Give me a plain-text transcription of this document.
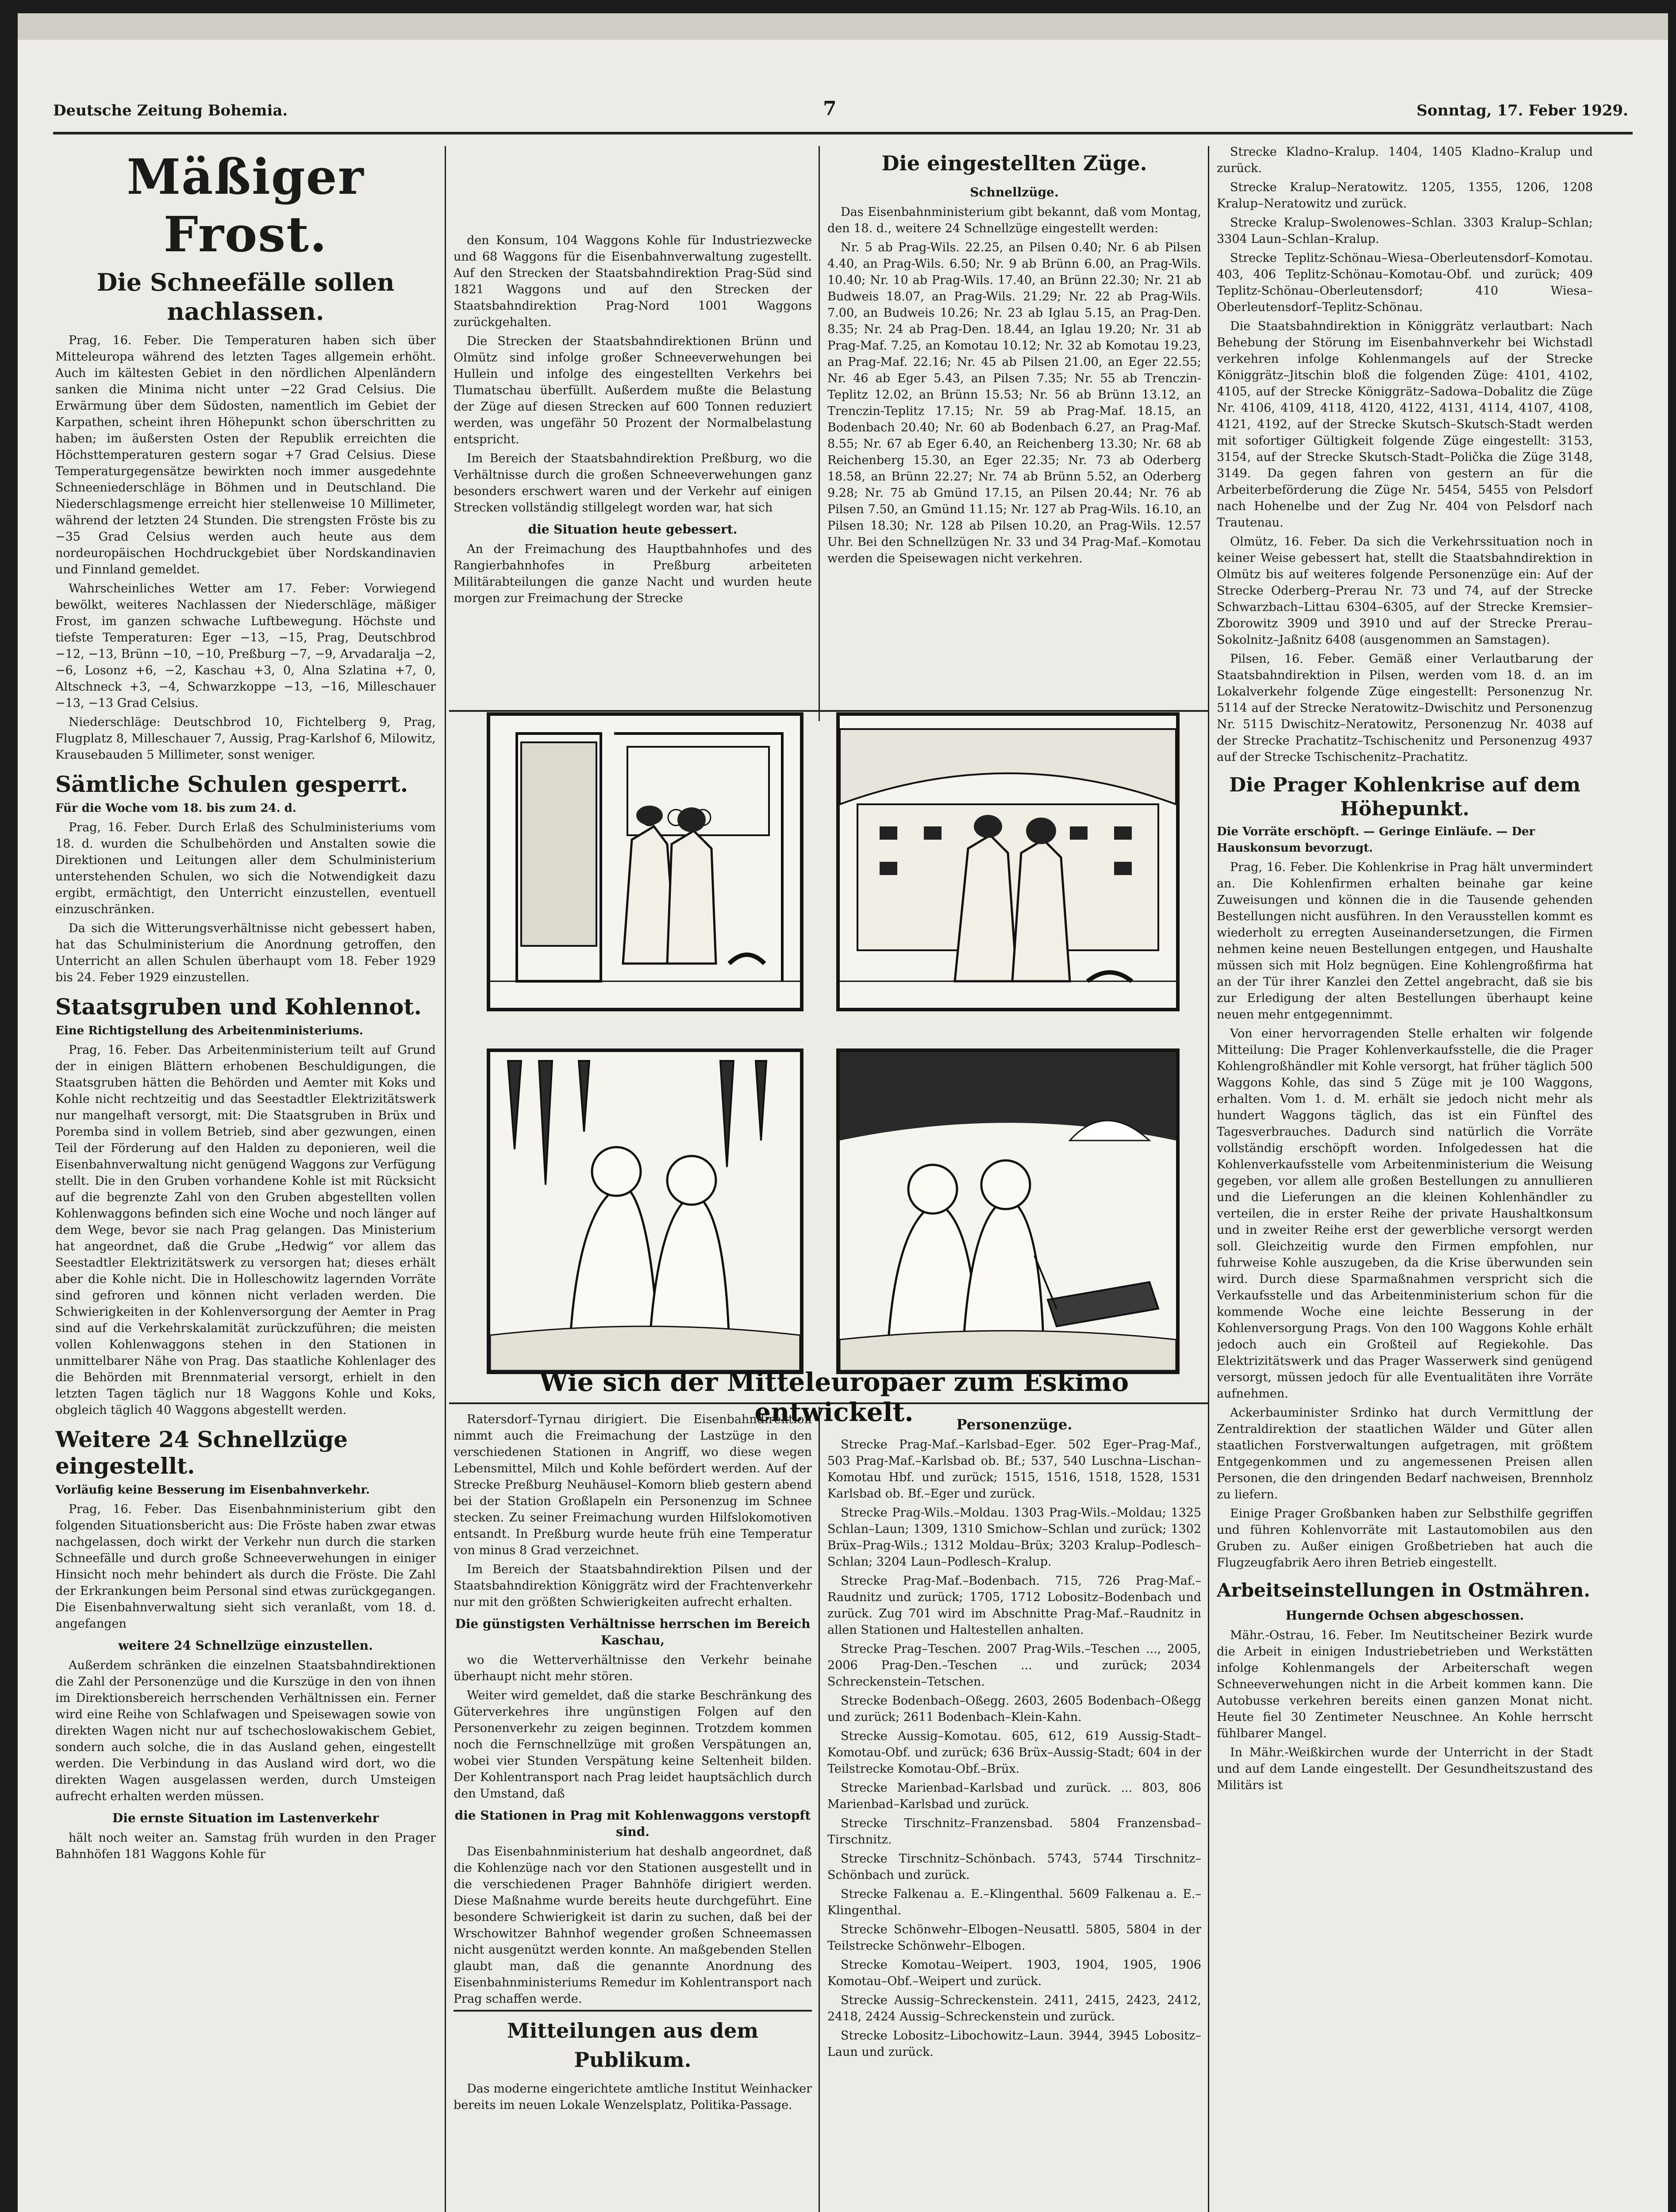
Deutsche Zeitung Bohemia.	7	Sonntag, 17. Feber 1929.
Mäßiger Frost.
Die Schneefälle sollen nachlassen.

Prag, 16. Feber. Die Temperaturen haben sich über Mitteleuropa während des letzten Tages allgemein erhöht. Auch im kältesten Gebiet in den nördlichen Alpenländern sanken die Minima nicht unter −22 Grad Celsius. Die Erwärmung über dem Südosten, namentlich im Gebiet der Karpathen, scheint ihren Höhepunkt schon überschritten zu haben; im äußersten Osten der Republik erreichten die Höchsttemperaturen gestern sogar +7 Grad Celsius. Diese Temperaturgegensätze bewirkten noch immer ausgedehnte Schneeniederschläge in Böhmen und in Deutschland. Die Niederschlagsmenge erreicht hier stellenweise 10 Millimeter, während der letzten 24 Stunden. Die strengsten Fröste bis zu −35 Grad Celsius werden auch heute aus dem nordeuropäischen Hochdruckgebiet über Nordskandinavien und Finnland gemeldet.

Wahrscheinliches Wetter am 17. Feber: Vorwiegend bewölkt, weiteres Nachlassen der Niederschläge, mäßiger Frost, im ganzen schwache Luftbewegung. Höchste und tiefste Temperaturen: Eger −13, −15, Prag, Deutschbrod −12, −13, Brünn −10, −10, Preßburg −7, −9, Arvadaralja −2, −6, Losonz +6, −2, Kaschau +3, 0, Alna Szlatina +7, 0, Altschneck +3, −4, Schwarzkoppe −13, −16, Milleschauer −13, −13 Grad Celsius.

Niederschläge: Deutschbrod 10, Fichtelberg 9, Prag, Flugplatz 8, Milleschauer 7, Aussig, Prag-Karlshof 6, Milowitz, Krausebauden 5 Millimeter, sonst weniger.

Sämtliche Schulen gesperrt.
Für die Woche vom 18. bis zum 24. d.

Prag, 16. Feber. Durch Erlaß des Schulministeriums vom 18. d. wurden die Schulbehörden und Anstalten sowie die Direktionen und Leitungen aller dem Schulministerium unterstehenden Schulen, wo sich die Notwendigkeit dazu ergibt, ermächtigt, den Unterricht einzustellen, eventuell einzuschränken.

Da sich die Witterungsverhältnisse nicht gebessert haben, hat das Schulministerium die Anordnung getroffen, den Unterricht an allen Schulen überhaupt vom 18. Feber 1929 bis 24. Feber 1929 einzustellen.

Staatsgruben und Kohlennot.
Eine Richtigstellung des Arbeitenministeriums.

Prag, 16. Feber. Das Arbeitenministerium teilt auf Grund der in einigen Blättern erhobenen Beschuldigungen, die Staatsgruben hätten die Behörden und Aemter mit Koks und Kohle nicht rechtzeitig und das Seestadtler Elektrizitätswerk nur mangelhaft versorgt, mit: Die Staatsgruben in Brüx und Poremba sind in vollem Betrieb, sind aber gezwungen, einen Teil der Förderung auf den Halden zu deponieren, weil die Eisenbahnverwaltung nicht genügend Waggons zur Verfügung stellt. Die in den Gruben vorhandene Kohle ist mit Rücksicht auf die begrenzte Zahl von den Gruben abgestellten vollen Kohlenwaggons befinden sich eine Woche und noch länger auf dem Wege, bevor sie nach Prag gelangen. Das Ministerium hat angeordnet, daß die Grube „Hedwig“ vor allem das Seestadtler Elektrizitätswerk zu versorgen hat; dieses erhält aber die Kohle nicht. Die in Holleschowitz lagernden Vorräte sind gefroren und können nicht verladen werden. Die Schwierigkeiten in der Kohlenversorgung der Aemter in Prag sind auf die Verkehrskalamität zurückzuführen; die meisten vollen Kohlenwaggons stehen in den Stationen in unmittelbarer Nähe von Prag. Das staatliche Kohlenlager des die Behörden mit Brennmaterial versorgt, erhielt in den letzten Tagen täglich nur 18 Waggons Kohle und Koks, obgleich täglich 40 Waggons abgestellt werden.

Weitere 24 Schnellzüge eingestellt.
Vorläufig keine Besserung im Eisenbahnverkehr.

Prag, 16. Feber. Das Eisenbahnministerium gibt den folgenden Situationsbericht aus: Die Fröste haben zwar etwas nachgelassen, doch wirkt der Verkehr nun durch die starken Schneefälle und durch große Schneeverwehungen in einiger Hinsicht noch mehr behindert als durch die Fröste. Die Zahl der Erkrankungen beim Personal sind etwas zurückgegangen. Die Eisenbahnverwaltung sieht sich veranlaßt, vom 18. d. angefangen

weitere 24 Schnellzüge einzustellen.

Außerdem schränken die einzelnen Staatsbahndirektionen die Zahl der Personenzüge und die Kurszüge in den von ihnen im Direktionsbereich herrschenden Verhältnissen ein. Ferner wird eine Reihe von Schlafwagen und Speisewagen sowie von direkten Wagen nicht nur auf tschechoslowakischem Gebiet, sondern auch solche, die in das Ausland gehen, eingestellt werden. Die Verbindung in das Ausland wird dort, wo die direkten Wagen ausgelassen werden, durch Umsteigen aufrecht erhalten werden müssen.

Die ernste Situation im Lastenverkehr

hält noch weiter an. Samstag früh wurden in den Prager Bahnhöfen 181 Waggons Kohle für

den Konsum, 104 Waggons Kohle für Industriezwecke und 68 Waggons für die Eisenbahnverwaltung zugestellt. Auf den Strecken der Staatsbahndirektion Prag-Süd sind 1821 Waggons und auf den Strecken der Staatsbahndirektion Prag-Nord 1001 Waggons zurückgehalten.

Die Strecken der Staatsbahndirektionen Brünn und Olmütz sind infolge großer Schneeverwehungen bei Hullein und infolge des eingestellten Verkehrs bei Tlumatschau überfüllt. Außerdem mußte die Belastung der Züge auf diesen Strecken auf 600 Tonnen reduziert werden, was ungefähr 50 Prozent der Normalbelastung entspricht.

Im Bereich der Staatsbahndirektion Preßburg, wo die Verhältnisse durch die großen Schneeverwehungen ganz besonders erschwert waren und der Verkehr auf einigen Strecken vollständig stillgelegt worden war, hat sich

die Situation heute gebessert.

An der Freimachung des Hauptbahnhofes und des Rangierbahnhofes in Preßburg arbeiteten Militärabteilungen die ganze Nacht und wurden heute morgen zur Freimachung der Strecke

Die eingestellten Züge.
Schnellzüge.

Das Eisenbahnministerium gibt bekannt, daß vom Montag, den 18. d., weitere 24 Schnellzüge eingestellt werden:

Nr. 5 ab Prag-Wils. 22.25, an Pilsen 0.40; Nr. 6 ab Pilsen 4.40, an Prag-Wils. 6.50; Nr. 9 ab Brünn 6.00, an Prag-Wils. 10.40; Nr. 10 ab Prag-Wils. 17.40, an Brünn 22.30; Nr. 21 ab Budweis 18.07, an Prag-Wils. 21.29; Nr. 22 ab Prag-Wils. 7.00, an Budweis 10.26; Nr. 23 ab Iglau 5.15, an Prag-Den. 8.35; Nr. 24 ab Prag-Den. 18.44, an Iglau 19.20; Nr. 31 ab Prag-Maf. 7.25, an Komotau 10.12; Nr. 32 ab Komotau 19.23, an Prag-Maf. 22.16; Nr. 45 ab Pilsen 21.00, an Eger 22.55; Nr. 46 ab Eger 5.43, an Pilsen 7.35; Nr. 55 ab Trenczin-Teplitz 12.02, an Brünn 15.53; Nr. 56 ab Brünn 13.12, an Trenczin-Teplitz 17.15; Nr. 59 ab Prag-Maf. 18.15, an Bodenbach 20.40; Nr. 60 ab Bodenbach 6.27, an Prag-Maf. 8.55; Nr. 67 ab Eger 6.40, an Reichenberg 13.30; Nr. 68 ab Reichenberg 15.30, an Eger 22.35; Nr. 73 ab Oderberg 18.58, an Brünn 22.27; Nr. 74 ab Brünn 5.52, an Oderberg 9.28; Nr. 75 ab Gmünd 17.15, an Pilsen 20.44; Nr. 76 ab Pilsen 7.50, an Gmünd 11.15; Nr. 127 ab Prag-Wils. 16.10, an Pilsen 18.30; Nr. 128 ab Pilsen 10.20, an Prag-Wils. 12.57 Uhr. Bei den Schnellzügen Nr. 33 und 34 Prag-Maf.–Komotau werden die Speisewagen nicht verkehren.

Strecke Kladno–Kralup. 1404, 1405 Kladno–Kralup und zurück.

Strecke Kralup–Neratowitz. 1205, 1355, 1206, 1208 Kralup–Neratowitz und zurück.

Strecke Kralup–Swolenowes–Schlan. 3303 Kralup–Schlan; 3304 Laun–Schlan–Kralup.

Strecke Teplitz-Schönau–Wiesa–Oberleutensdorf–Komotau. 403, 406 Teplitz-Schönau–Komotau-Obf. und zurück; 409 Teplitz-Schönau–Oberleutensdorf; 410 Wiesa–Oberleutensdorf–Teplitz-Schönau.

Die Staatsbahndirektion in Königgrätz verlautbart: Nach Behebung der Störung im Eisenbahnverkehr bei Wichstadl verkehren infolge Kohlenmangels auf der Strecke Königgrätz–Jitschin bloß die folgenden Züge: 4101, 4102, 4105, auf der Strecke Königgrätz–Sadowa–Dobalitz die Züge Nr. 4106, 4109, 4118, 4120, 4122, 4131, 4114, 4107, 4108, 4121, 4192, auf der Strecke Skutsch–Skutsch-Stadt werden mit sofortiger Gültigkeit folgende Züge eingestellt: 3153, 3154, auf der Strecke Skutsch-Stadt–Polička die Züge 3148, 3149. Da gegen fahren von gestern an für die Arbeiterbeförderung die Züge Nr. 5454, 5455 von Pelsdorf nach Hohenelbe und der Zug Nr. 404 von Pelsdorf nach Trautenau.

Olmütz, 16. Feber. Da sich die Verkehrssituation noch in keiner Weise gebessert hat, stellt die Staatsbahndirektion in Olmütz bis auf weiteres folgende Personenzüge ein: Auf der Strecke Oderberg–Prerau Nr. 73 und 74, auf der Strecke Schwarzbach–Littau 6304–6305, auf der Strecke Kremsier–Zborowitz 3909 und 3910 und auf der Strecke Prerau–Sokolnitz–Jaßnitz 6408 (ausgenommen an Samstagen).

Pilsen, 16. Feber. Gemäß einer Verlautbarung der Staatsbahndirektion in Pilsen, werden vom 18. d. an im Lokalverkehr folgende Züge eingestellt: Personenzug Nr. 5114 auf der Strecke Neratowitz–Dwischitz und Personenzug Nr. 5115 Dwischitz–Neratowitz, Personenzug Nr. 4038 auf der Strecke Prachatitz–Tschischenitz und Personenzug 4937 auf der Strecke Tschischenitz–Prachatitz.

Die Prager Kohlenkrise auf dem Höhepunkt.
Die Vorräte erschöpft. — Geringe Einläufe. — Der Hauskonsum bevorzugt.

Prag, 16. Feber. Die Kohlenkrise in Prag hält unvermindert an. Die Kohlenfirmen erhalten beinahe gar keine Zuweisungen und können die in die Tausende gehenden Bestellungen nicht ausführen. In den Verausstellen kommt es wiederholt zu erregten Auseinandersetzungen, die Firmen nehmen keine neuen Bestellungen entgegen, und Haushalte müssen sich mit Holz begnügen. Eine Kohlengroßfirma hat an der Tür ihrer Kanzlei den Zettel angebracht, daß sie bis zur Erledigung der alten Bestellungen überhaupt keine neuen mehr entgegennimmt.

Von einer hervorragenden Stelle erhalten wir folgende Mitteilung: Die Prager Kohlenverkaufsstelle, die die Prager Kohlengroßhändler mit Kohle versorgt, hat früher täglich 500 Waggons Kohle, das sind 5 Züge mit je 100 Waggons, erhalten. Vom 1. d. M. erhält sie jedoch nicht mehr als hundert Waggons täglich, das ist ein Fünftel des Tagesverbrauches. Dadurch sind natürlich die Vorräte vollständig erschöpft worden. Infolgedessen hat die Kohlenverkaufsstelle vom Arbeitenministerium die Weisung gegeben, vor allem alle großen Bestellungen zu annullieren und die Lieferungen an die kleinen Kohlenhändler zu verteilen, die in erster Reihe der private Haushaltkonsum und in zweiter Reihe erst der gewerbliche versorgt werden soll. Gleichzeitig wurde den Firmen empfohlen, nur fuhrweise Kohle auszugeben, da die Krise überwunden sein wird. Durch diese Sparmaßnahmen verspricht sich die Verkaufsstelle und das Arbeitenministerium schon für die kommende Woche eine leichte Besserung in der Kohlenversorgung Prags. Von den 100 Waggons Kohle erhält jedoch auch ein Großteil auf Regiekohle. Das Elektrizitätswerk und das Prager Wasserwerk sind genügend versorgt, müssen jedoch für alle Eventualitäten ihre Vorräte aufnehmen.

Ackerbauminister Srdinko hat durch Vermittlung der Zentraldirektion der staatlichen Wälder und Güter allen staatlichen Forstverwaltungen aufgetragen, mit größtem Entgegenkommen und zu angemessenen Preisen allen Personen, die den dringenden Bedarf nachweisen, Brennholz zu liefern.

Einige Prager Großbanken haben zur Selbsthilfe gegriffen und führen Kohlenvorräte mit Lastautomobilen aus den Gruben zu. Außer einigen Großbetrieben hat auch die Flugzeugfabrik Aero ihren Betrieb eingestellt.

Arbeitseinstellungen in Ostmähren.
Hungernde Ochsen abgeschossen.

Mähr.-Ostrau, 16. Feber. Im Neutitscheiner Bezirk wurde die Arbeit in einigen Industriebetrieben und Werkstätten infolge Kohlenmangels der Arbeiterschaft wegen Schneeverwehungen nicht in die Arbeit kommen kann. Die Autobusse verkehren bereits einen ganzen Monat nicht. Heute fiel 30 Zentimeter Neuschnee. An Kohle herrscht fühlbarer Mangel.

In Mähr.-Weißkirchen wurde der Unterricht in der Stadt und auf dem Lande eingestellt. Der Gesundheitszustand des Militärs ist

Wie sich der Mitteleuropäer zum Eskimo entwickelt.

Ratersdorf–Tyrnau dirigiert. Die Eisenbahndirektion nimmt auch die Freimachung der Lastzüge in den verschiedenen Stationen in Angriff, wo diese wegen Lebensmittel, Milch und Kohle befördert werden. Auf der Strecke Preßburg Neuhäusel–Komorn blieb gestern abend bei der Station Großlapeln ein Personenzug im Schnee stecken. Zu seiner Freimachung wurden Hilfslokomotiven entsandt. In Preßburg wurde heute früh eine Temperatur von minus 8 Grad verzeichnet.

Im Bereich der Staatsbahndirektion Pilsen und der Staatsbahndirektion Königgrätz wird der Frachtenverkehr nur mit den größten Schwierigkeiten aufrecht erhalten.

Die günstigsten Verhältnisse herrschen im Bereich Kaschau,

wo die Wetterverhältnisse den Verkehr beinahe überhaupt nicht mehr stören.

Weiter wird gemeldet, daß die starke Beschränkung des Güterverkehres ihre ungünstigen Folgen auf den Personenverkehr zu zeigen beginnen. Trotzdem kommen noch die Fernschnellzüge mit großen Verspätungen an, wobei vier Stunden Verspätung keine Seltenheit bilden. Der Kohlentransport nach Prag leidet hauptsächlich durch den Umstand, daß

die Stationen in Prag mit Kohlenwaggons verstopft sind.

Das Eisenbahnministerium hat deshalb angeordnet, daß die Kohlenzüge nach vor den Stationen ausgestellt und in die verschiedenen Prager Bahnhöfe dirigiert werden. Diese Maßnahme wurde bereits heute durchgeführt. Eine besondere Schwierigkeit ist darin zu suchen, daß bei der Wrschowitzer Bahnhof wegender großen Schneemassen nicht ausgenützt werden konnte. An maßgebenden Stellen glaubt man, daß die genannte Anordnung des Eisenbahnministeriums Remedur im Kohlentransport nach Prag schaffen werde.

Mitteilungen aus dem Publikum.

Das moderne eingerichtete amtliche Institut Weinhacker bereits im neuen Lokale Wenzelsplatz, Politika-Passage.

Personenzüge.

Strecke Prag-Maf.–Karlsbad–Eger. 502 Eger–Prag-Maf., 503 Prag-Maf.–Karlsbad ob. Bf.; 537, 540 Luschna–Lischan–Komotau Hbf. und zurück; 1515, 1516, 1518, 1528, 1531 Karlsbad ob. Bf.–Eger und zurück.

Strecke Prag-Wils.–Moldau. 1303 Prag-Wils.–Moldau; 1325 Schlan–Laun; 1309, 1310 Smichow–Schlan und zurück; 1302 Brüx–Prag-Wils.; 1312 Moldau–Brüx; 3203 Kralup–Podlesch–Schlan; 3204 Laun–Podlesch–Kralup.

Strecke Prag-Maf.–Bodenbach. 715, 726 Prag-Maf.–Raudnitz und zurück; 1705, 1712 Lobositz–Bodenbach und zurück. Zug 701 wird im Abschnitte Prag-Maf.–Raudnitz in allen Stationen und Haltestellen anhalten.

Strecke Prag–Teschen. 2007 Prag-Wils.–Teschen ..., 2005, 2006 Prag-Den.–Teschen ... und zurück; 2034 Schreckenstein–Tetschen.

Strecke Bodenbach–Oßegg. 2603, 2605 Bodenbach–Oßegg und zurück; 2611 Bodenbach–Klein-Kahn.

Strecke Aussig–Komotau. 605, 612, 619 Aussig-Stadt–Komotau-Obf. und zurück; 636 Brüx–Aussig-Stadt; 604 in der Teilstrecke Komotau-Obf.–Brüx.

Strecke Marienbad–Karlsbad und zurück. ... 803, 806 Marienbad–Karlsbad und zurück.

Strecke Tirschnitz–Franzensbad. 5804 Franzensbad–Tirschnitz.

Strecke Tirschnitz–Schönbach. 5743, 5744 Tirschnitz–Schönbach und zurück.

Strecke Falkenau a. E.–Klingenthal. 5609 Falkenau a. E.–Klingenthal.

Strecke Schönwehr–Elbogen–Neusattl. 5805, 5804 in der Teilstrecke Schönwehr–Elbogen.

Strecke Komotau–Weipert. 1903, 1904, 1905, 1906 Komotau–Obf.–Weipert und zurück.

Strecke Aussig–Schreckenstein. 2411, 2415, 2423, 2412, 2418, 2424 Aussig–Schreckenstein und zurück.

Strecke Lobositz–Libochowitz–Laun. 3944, 3945 Lobositz–Laun und zurück.
